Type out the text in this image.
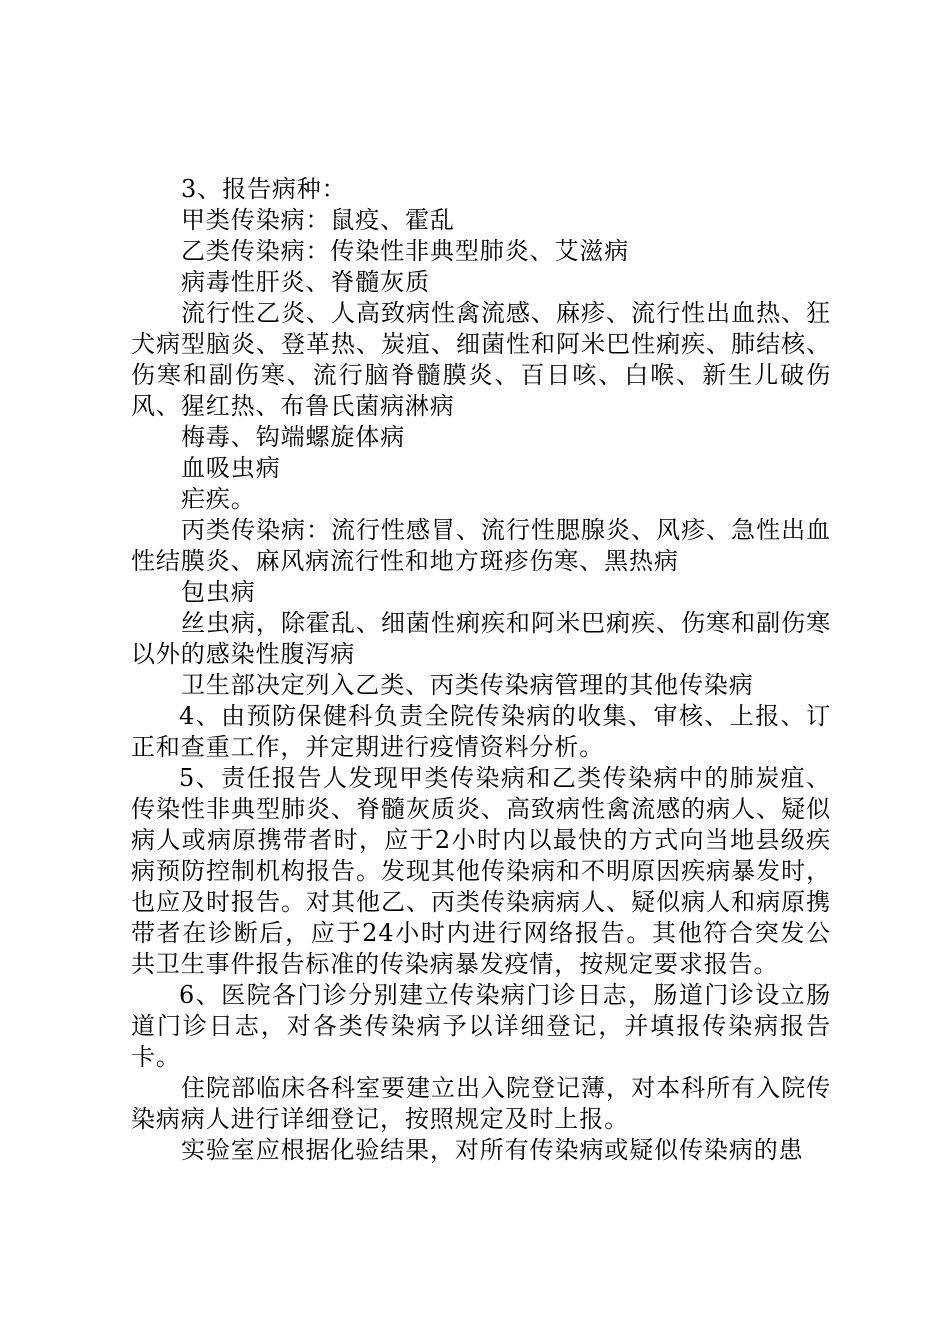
3、报告病种：

甲类传染病：鼠疫、霍乱

乙类传染病：传染性非典型肺炎、艾滋病

病毒性肝炎、脊髓灰质

流行性乙炎、人高致病性禽流感、麻疹、流行性出血热、狂犬病型脑炎、登革热、炭疽、细菌性和阿米巴性痢疾、肺结核、伤寒和副伤寒、流行脑脊髓膜炎、百日咳、白喉、新生儿破伤风、猩红热、布鲁氏菌病淋病

梅毒、钩端螺旋体病

血吸虫病

疟疾。

丙类传染病：流行性感冒、流行性腮腺炎、风疹、急性出血性结膜炎、麻风病流行性和地方斑疹伤寒、黑热病

包虫病

丝虫病，除霍乱、细菌性痢疾和阿米巴痢疾、伤寒和副伤寒以外的感染性腹泻病

卫生部决定列入乙类、丙类传染病管理的其他传染病

4、由预防保健科负责全院传染病的收集、审核、上报、订正和查重工作，并定期进行疫情资料分析。

5、责任报告人发现甲类传染病和乙类传染病中的肺炭疽、传染性非典型肺炎、脊髓灰质炎、高致病性禽流感的病人、疑似病人或病原携带者时，应于2小时内以最快的方式向当地县级疾病预防控制机构报告。发现其他传染病和不明原因疾病暴发时，也应及时报告。对其他乙、丙类传染病病人、疑似病人和病原携带者在诊断后，应于24小时内进行网络报告。其他符合突发公共卫生事件报告标准的传染病暴发疫情，按规定要求报告。

6、医院各门诊分别建立传染病门诊日志，肠道门诊设立肠道门诊日志，对各类传染病予以详细登记，并填报传染病报告卡。

住院部临床各科室要建立出入院登记薄，对本科所有入院传染病病人进行详细登记，按照规定及时上报。

实验室应根据化验结果，对所有传染病或疑似传染病的患
